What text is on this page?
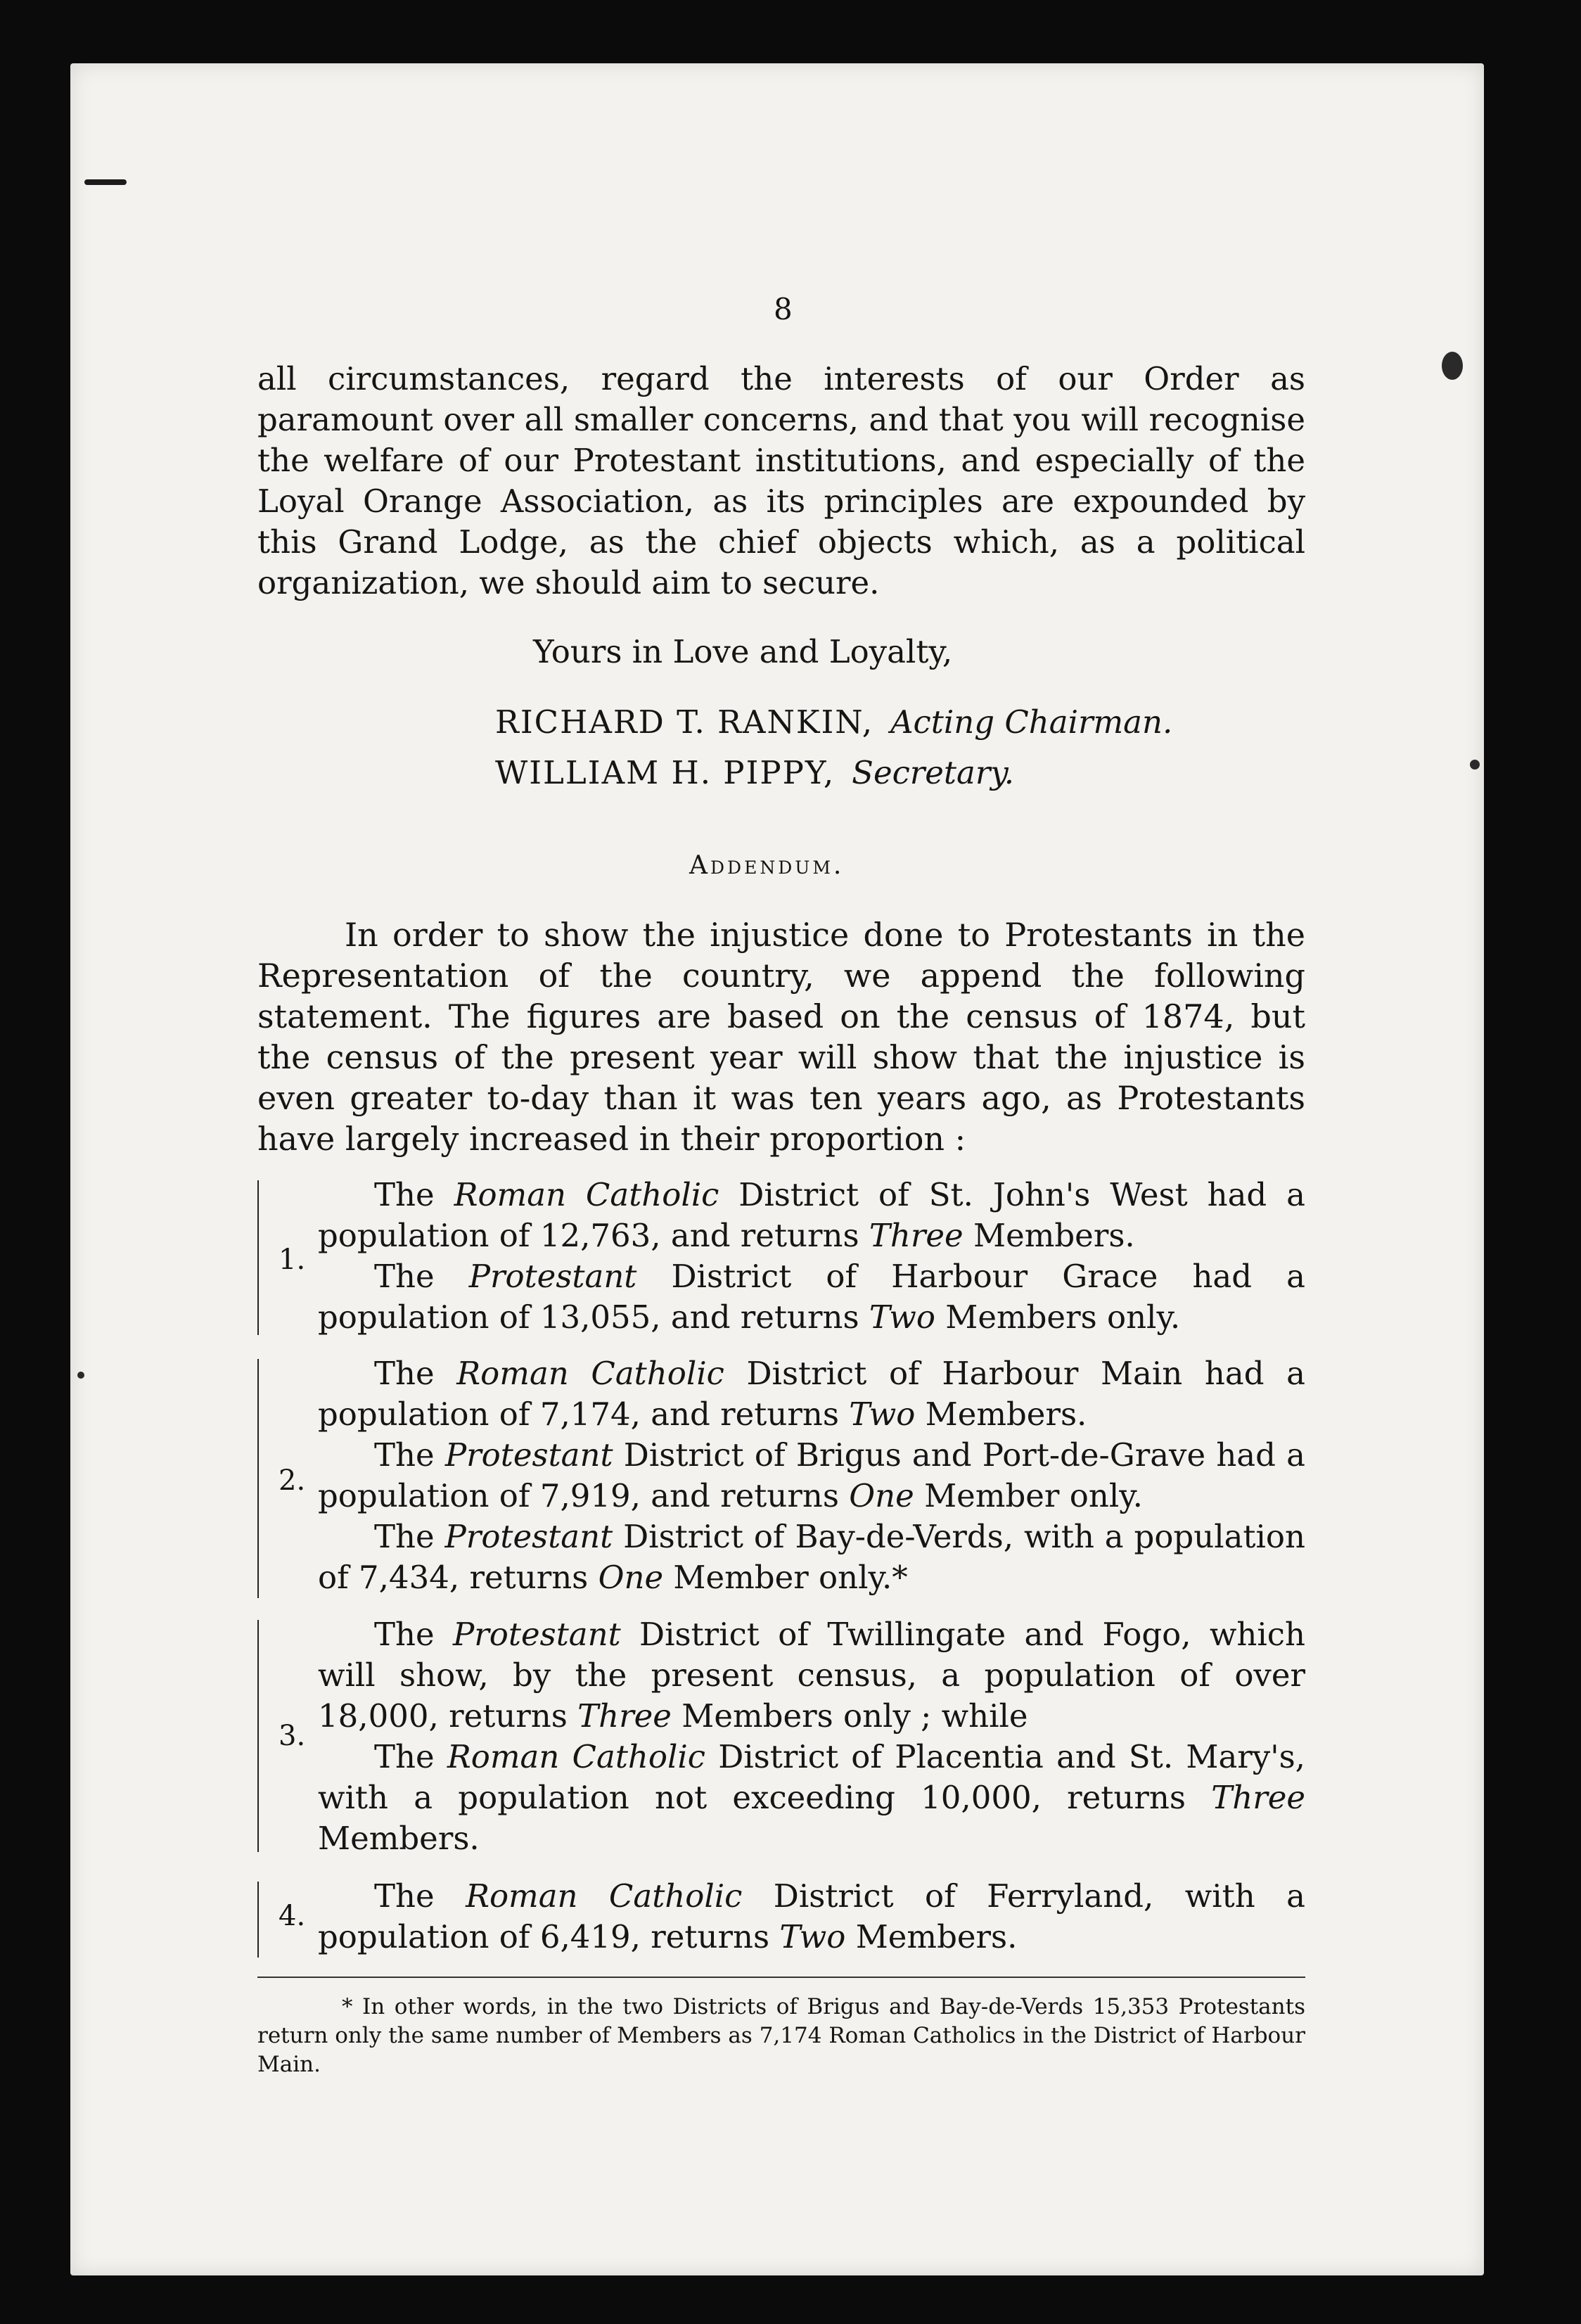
8

all circumstances, regard the interests of our Order as paramount over all smaller concerns, and that you will recognise the welfare of our Protestant institutions, and especially of the Loyal Orange Association, as its principles are expounded by this Grand Lodge, as the chief objects which, as a political organization, we should aim to secure.

Yours in Love and Loyalty,
RICHARD T. RANKIN, Acting Chairman.
WILLIAM H. PIPPY, Secretary.
Addendum.

In order to show the injustice done to Protestants in the Representation of the country, we append the following statement. The figures are based on the census of 1874, but the census of the present year will show that the injustice is even greater to-day than it was ten years ago, as Protestants have largely increased in their proportion :

1.
The Roman Catholic District of St. John's West had a population of 12,763, and returns Three Members.
The Protestant District of Harbour Grace had a population of 13,055, and returns Two Members only.
2.
The Roman Catholic District of Harbour Main had a population of 7,174, and returns Two Members.
The Protestant District of Brigus and Port-de-Grave had a population of 7,919, and returns One Member only.
The Protestant District of Bay-de-Verds, with a population of 7,434, returns One Member only.*
3.
The Protestant District of Twillingate and Fogo, which will show, by the present census, a population of over 18,000, returns Three Members only ; while
The Roman Catholic District of Placentia and St. Mary's, with a population not exceeding 10,000, returns Three Members.
4.
The Roman Catholic District of Ferryland, with a population of 6,419, returns Two Members.

* In other words, in the two Districts of Brigus and Bay-de-Verds 15,353 Protestants return only the same number of Members as 7,174 Roman Catholics in the District of Harbour Main.
